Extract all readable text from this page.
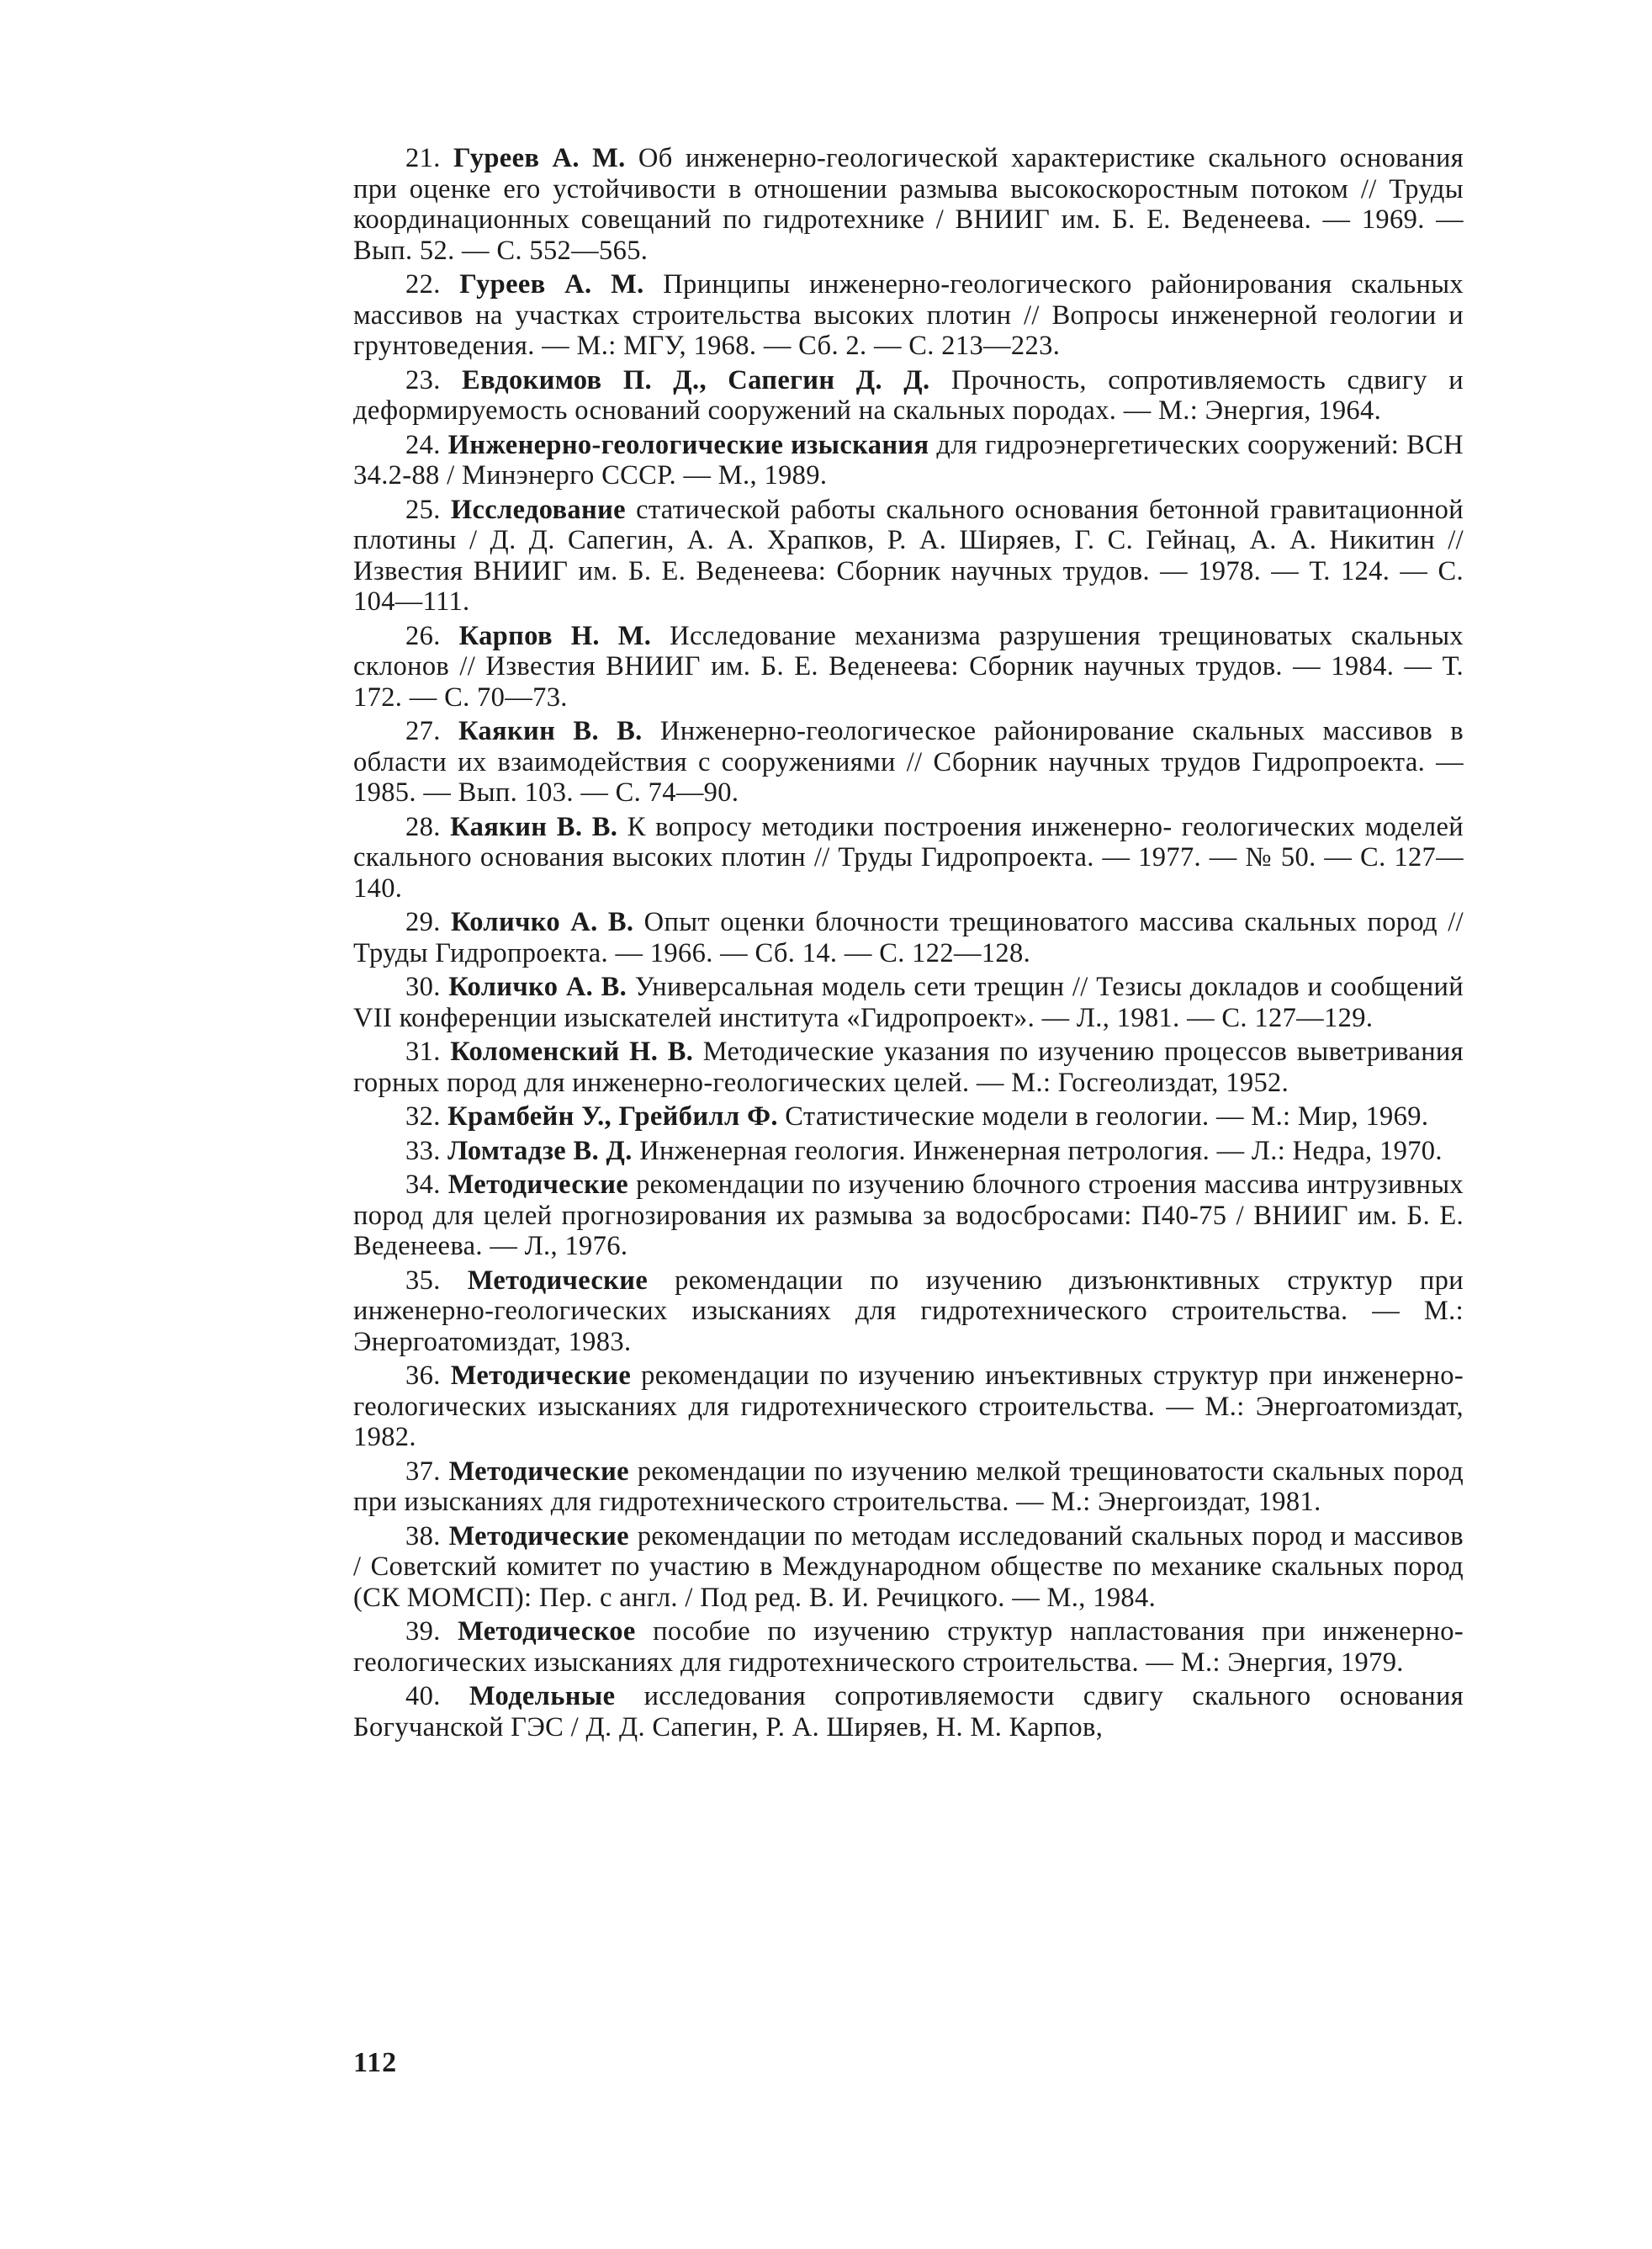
21. Гуреев А. М. Об инженерно-геологической характеристике скального основания при оценке его устойчивости в отношении размыва высокоскоростным потоком // Труды координационных совещаний по гидротехнике / ВНИИГ им. Б. Е. Веденеева. — 1969. — Вып. 52. — С. 552—565.

22. Гуреев А. М. Принципы инженерно-геологического районирования скальных массивов на участках строительства высоких плотин // Вопросы инженерной геологии и грунтоведения. — М.: МГУ, 1968. — Сб. 2. — С. 213—223.

23. Евдокимов П. Д., Сапегин Д. Д. Прочность, сопротивляемость сдвигу и деформируемость оснований сооружений на скальных породах. — М.: Энергия, 1964.

24. Инженерно-геологические изыскания для гидроэнергетических сооружений: ВСН 34.2-88 / Минэнерго СССР. — М., 1989.

25. Исследование статической работы скального основания бетонной гравитационной плотины / Д. Д. Сапегин, А. А. Храпков, Р. А. Ширяев, Г. С. Гейнац, А. А. Никитин // Известия ВНИИГ им. Б. Е. Веденеева: Сборник научных трудов. — 1978. — Т. 124. — С. 104—111.

26. Карпов Н. М. Исследование механизма разрушения трещиноватых скальных склонов // Известия ВНИИГ им. Б. Е. Веденеева: Сборник научных трудов. — 1984. — Т. 172. — С. 70—73.

27. Каякин В. В. Инженерно-геологическое районирование скальных массивов в области их взаимодействия с сооружениями // Сборник научных трудов Гидропроекта. — 1985. — Вып. 103. — С. 74—90.

28. Каякин В. В. К вопросу методики построения инженерно- геологических моделей скального основания высоких плотин // Труды Гидропроекта. — 1977. — № 50. — С. 127—140.

29. Количко А. В. Опыт оценки блочности трещиноватого массива скальных пород // Труды Гидропроекта. — 1966. — Сб. 14. — С. 122—128.

30. Количко А. В. Универсальная модель сети трещин // Тезисы докладов и сообщений VII конференции изыскателей института «Гидропроект». — Л., 1981. — С. 127—129.

31. Коломенский Н. В. Методические указания по изучению процессов выветривания горных пород для инженерно-геологических целей. — М.: Госгеолиздат, 1952.

32. Крамбейн У., Грейбилл Ф. Статистические модели в геологии. — М.: Мир, 1969.

33. Ломтадзе В. Д. Инженерная геология. Инженерная петрология. — Л.: Недра, 1970.

34. Методические рекомендации по изучению блочного строения массива интрузивных пород для целей прогнозирования их размыва за водосбросами: П40-75 / ВНИИГ им. Б. Е. Веденеева. — Л., 1976.

35. Методические рекомендации по изучению дизъюнктивных структур при инженерно-геологических изысканиях для гидротехнического строительства. — М.: Энергоатомиздат, 1983.

36. Методические рекомендации по изучению инъективных структур при инженерно-геологических изысканиях для гидротехнического строительства. — М.: Энергоатомиздат, 1982.

37. Методические рекомендации по изучению мелкой трещиноватости скальных пород при изысканиях для гидротехнического строительства. — М.: Энергоиздат, 1981.

38. Методические рекомендации по методам исследований скальных пород и массивов / Советский комитет по участию в Международном обществе по механике скальных пород (СК МОМСП): Пер. с англ. / Под ред. В. И. Речицкого. — М., 1984.

39. Методическое пособие по изучению структур напластования при инженерно-геологических изысканиях для гидротехнического строительства. — М.: Энергия, 1979.

40. Модельные исследования сопротивляемости сдвигу скального основания Богучанской ГЭС / Д. Д. Сапегин, Р. А. Ширяев, Н. М. Карпов,

112
